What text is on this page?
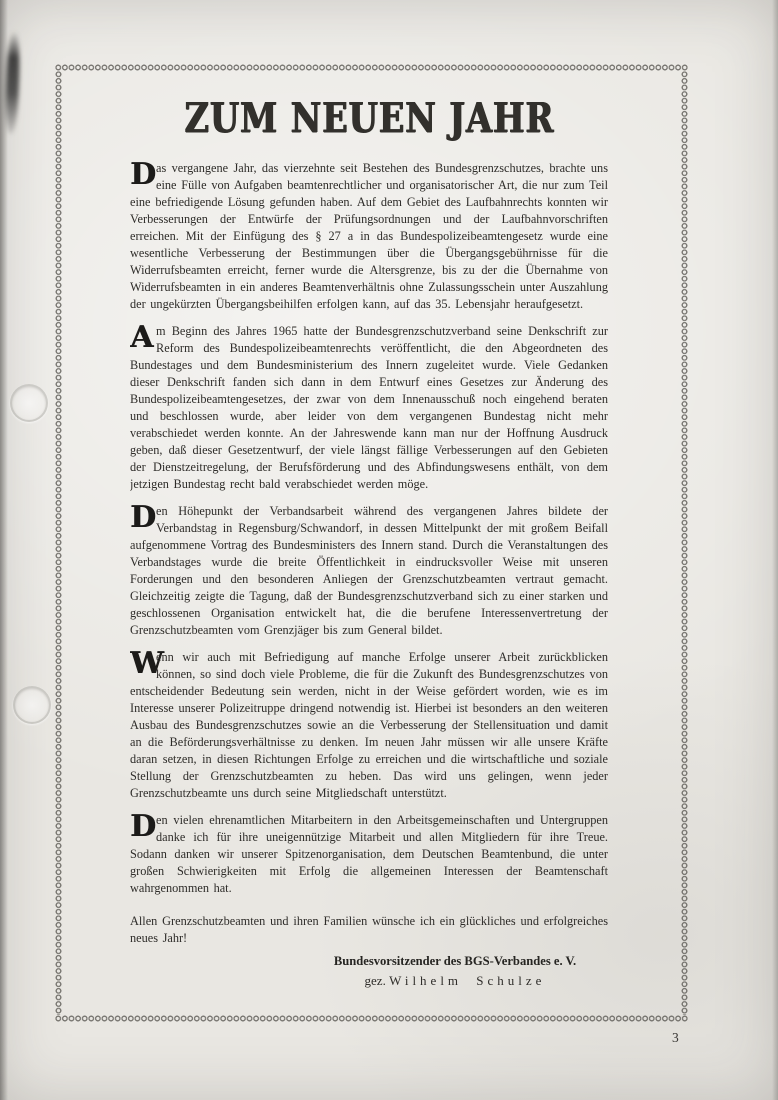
ZUM NEUEN JAHR

Das vergangene Jahr, das vierzehnte seit Bestehen des Bundesgrenzschutzes, brachte uns eine Fülle von Aufgaben beamtenrechtlicher und organisatorischer Art, die nur zum Teil eine befriedigende Lösung gefunden haben. Auf dem Gebiet des Laufbahnrechts konnten wir Verbesserungen der Entwürfe der Prüfungsordnungen und der Laufbahnvorschriften erreichen. Mit der Einfügung des § 27 a in das Bundespolizeibeamtengesetz wurde eine wesentliche Verbesserung der Bestimmungen über die Übergangsgebührnisse für die Widerrufsbeamten erreicht, ferner wurde die Altersgrenze, bis zu der die Übernahme von Widerrufsbeamten in ein anderes Beamtenverhältnis ohne Zulassungsschein unter Auszahlung der ungekürzten Übergangsbeihilfen erfolgen kann, auf das 35. Lebensjahr heraufgesetzt.

Am Beginn des Jahres 1965 hatte der Bundesgrenzschutzverband seine Denkschrift zur Reform des Bundespolizeibeamtenrechts veröffentlicht, die den Abgeordneten des Bundestages und dem Bundesministerium des Innern zugeleitet wurde. Viele Gedanken dieser Denkschrift fanden sich dann in dem Entwurf eines Gesetzes zur Änderung des Bundespolizeibeamtengesetzes, der zwar von dem Innenausschuß noch eingehend beraten und beschlossen wurde, aber leider von dem vergangenen Bundestag nicht mehr verabschiedet werden konnte. An der Jahreswende kann man nur der Hoffnung Ausdruck geben, daß dieser Gesetzentwurf, der viele längst fällige Verbesserungen auf den Gebieten der Dienstzeitregelung, der Berufsförderung und des Abfindungswesens enthält, von dem jetzigen Bundestag recht bald verabschiedet werden möge.

Den Höhepunkt der Verbandsarbeit während des vergangenen Jahres bildete der Verbandstag in Regensburg/Schwandorf, in dessen Mittelpunkt der mit großem Beifall aufgenommene Vortrag des Bundesministers des Innern stand. Durch die Veranstaltungen des Verbandstages wurde die breite Öffentlichkeit in eindrucksvoller Weise mit unseren Forderungen und den besonderen Anliegen der Grenzschutzbeamten vertraut gemacht. Gleichzeitig zeigte die Tagung, daß der Bundesgrenzschutzverband sich zu einer starken und geschlossenen Organisation entwickelt hat, die die berufene Interessenvertretung der Grenzschutzbeamten vom Grenzjäger bis zum General bildet.

W
enn wir auch mit Befriedigung auf manche Erfolge unserer Arbeit zurückblicken können, so sind doch viele Probleme, die für die Zukunft des Bundesgrenzschutzes von entscheidender Bedeutung sein werden, nicht in der Weise gefördert worden, wie es im Interesse unserer Polizeitruppe dringend notwendig ist. Hierbei ist besonders an den weiteren Ausbau des Bundesgrenzschutzes sowie an die Verbesserung der Stellensituation und damit an die Beförderungsverhältnisse zu denken. Im neuen Jahr müssen wir alle unsere Kräfte daran setzen, in diesen Richtungen Erfolge zu erreichen und die wirtschaftliche und soziale Stellung der Grenzschutzbeamten zu heben. Das wird uns gelingen, wenn jeder Grenzschutzbeamte uns durch seine Mitgliedschaft unterstützt.

Den vielen ehrenamtlichen Mitarbeitern in den Arbeitsgemeinschaften und Untergruppen danke ich für ihre uneigennützige Mitarbeit und allen Mitgliedern für ihre Treue. Sodann danken wir unserer Spitzenorganisation, dem Deutschen Beamtenbund, die unter großen Schwierigkeiten mit Erfolg die allgemeinen Interessen der Beamtenschaft wahrgenommen hat.

Allen Grenzschutzbeamten und ihren Familien wünsche ich ein glückliches und erfolgreiches neues Jahr!

Bundesvorsitzender des BGS-Verbandes e. V.
gez. Wilhelm Schulze
3
